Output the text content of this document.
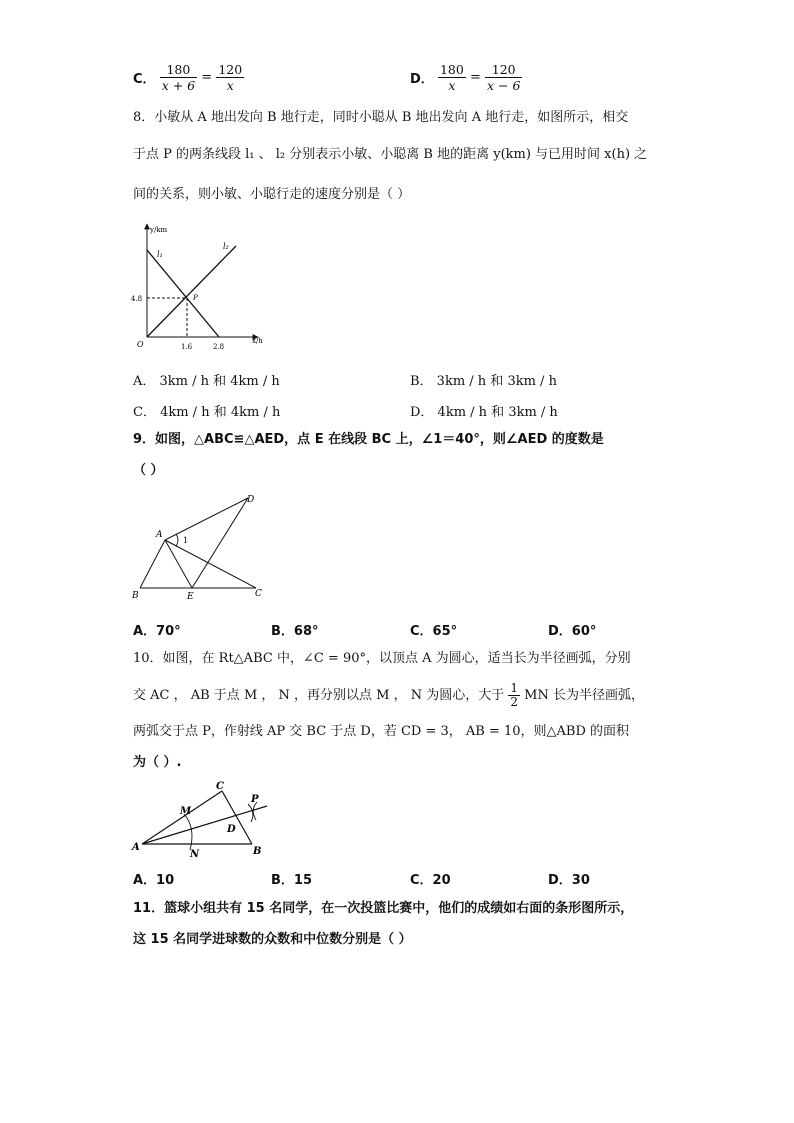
C． $\frac{180}{x + 6} = \frac{120}{x}$	D． $\frac{180}{x} = \frac{120}{x - 6}$
8．小敏从 A 地出发向 B 地行走，同时小聪从 B 地出发向 A 地行走，如图所示，相交
于点 P 的两条线段 l₁ 、 l₂ 分别表示小敏、小聪离 B 地的距离 y(km) 与已用时间 x(h) 之
间的关系，则小敏、小聪行走的速度分别是（ ）
y/km
x/h
O
l₁
l₂
P
4.8
1.6	2.8
A． 3km / h 和 4km / h	B． 3km / h 和 3km / h
C． 4km / h 和 4km / h	D． 4km / h 和 3km / h
9．如图，△ABC≌△AED，点 E 在线段 BC 上，∠1＝40°，则∠AED 的度数是
（ ）
A
B	C
D
E
1
A．70°	B．68°	C．65°	D．60°
10．如图，在 Rt△ABC 中，∠C = 90°，以顶点 A 为圆心，适当长为半径画弧，分别
交 AC ， AB 于点 M ， N ，再分别以点 M ， N 为圆心，大于 $\frac{1}{2}$ MN 长为半径画弧，
两弧交于点 P，作射线 AP 交 BC 于点 D，若 CD = 3， AB = 10，则△ABD 的面积
为（ ）.
A	B
C
D
M
N
P
A．10	B．15	C．20	D．30
11．篮球小组共有 15 名同学，在一次投篮比赛中，他们的成绩如右面的条形图所示，
这 15 名同学进球数的众数和中位数分别是（ ）
